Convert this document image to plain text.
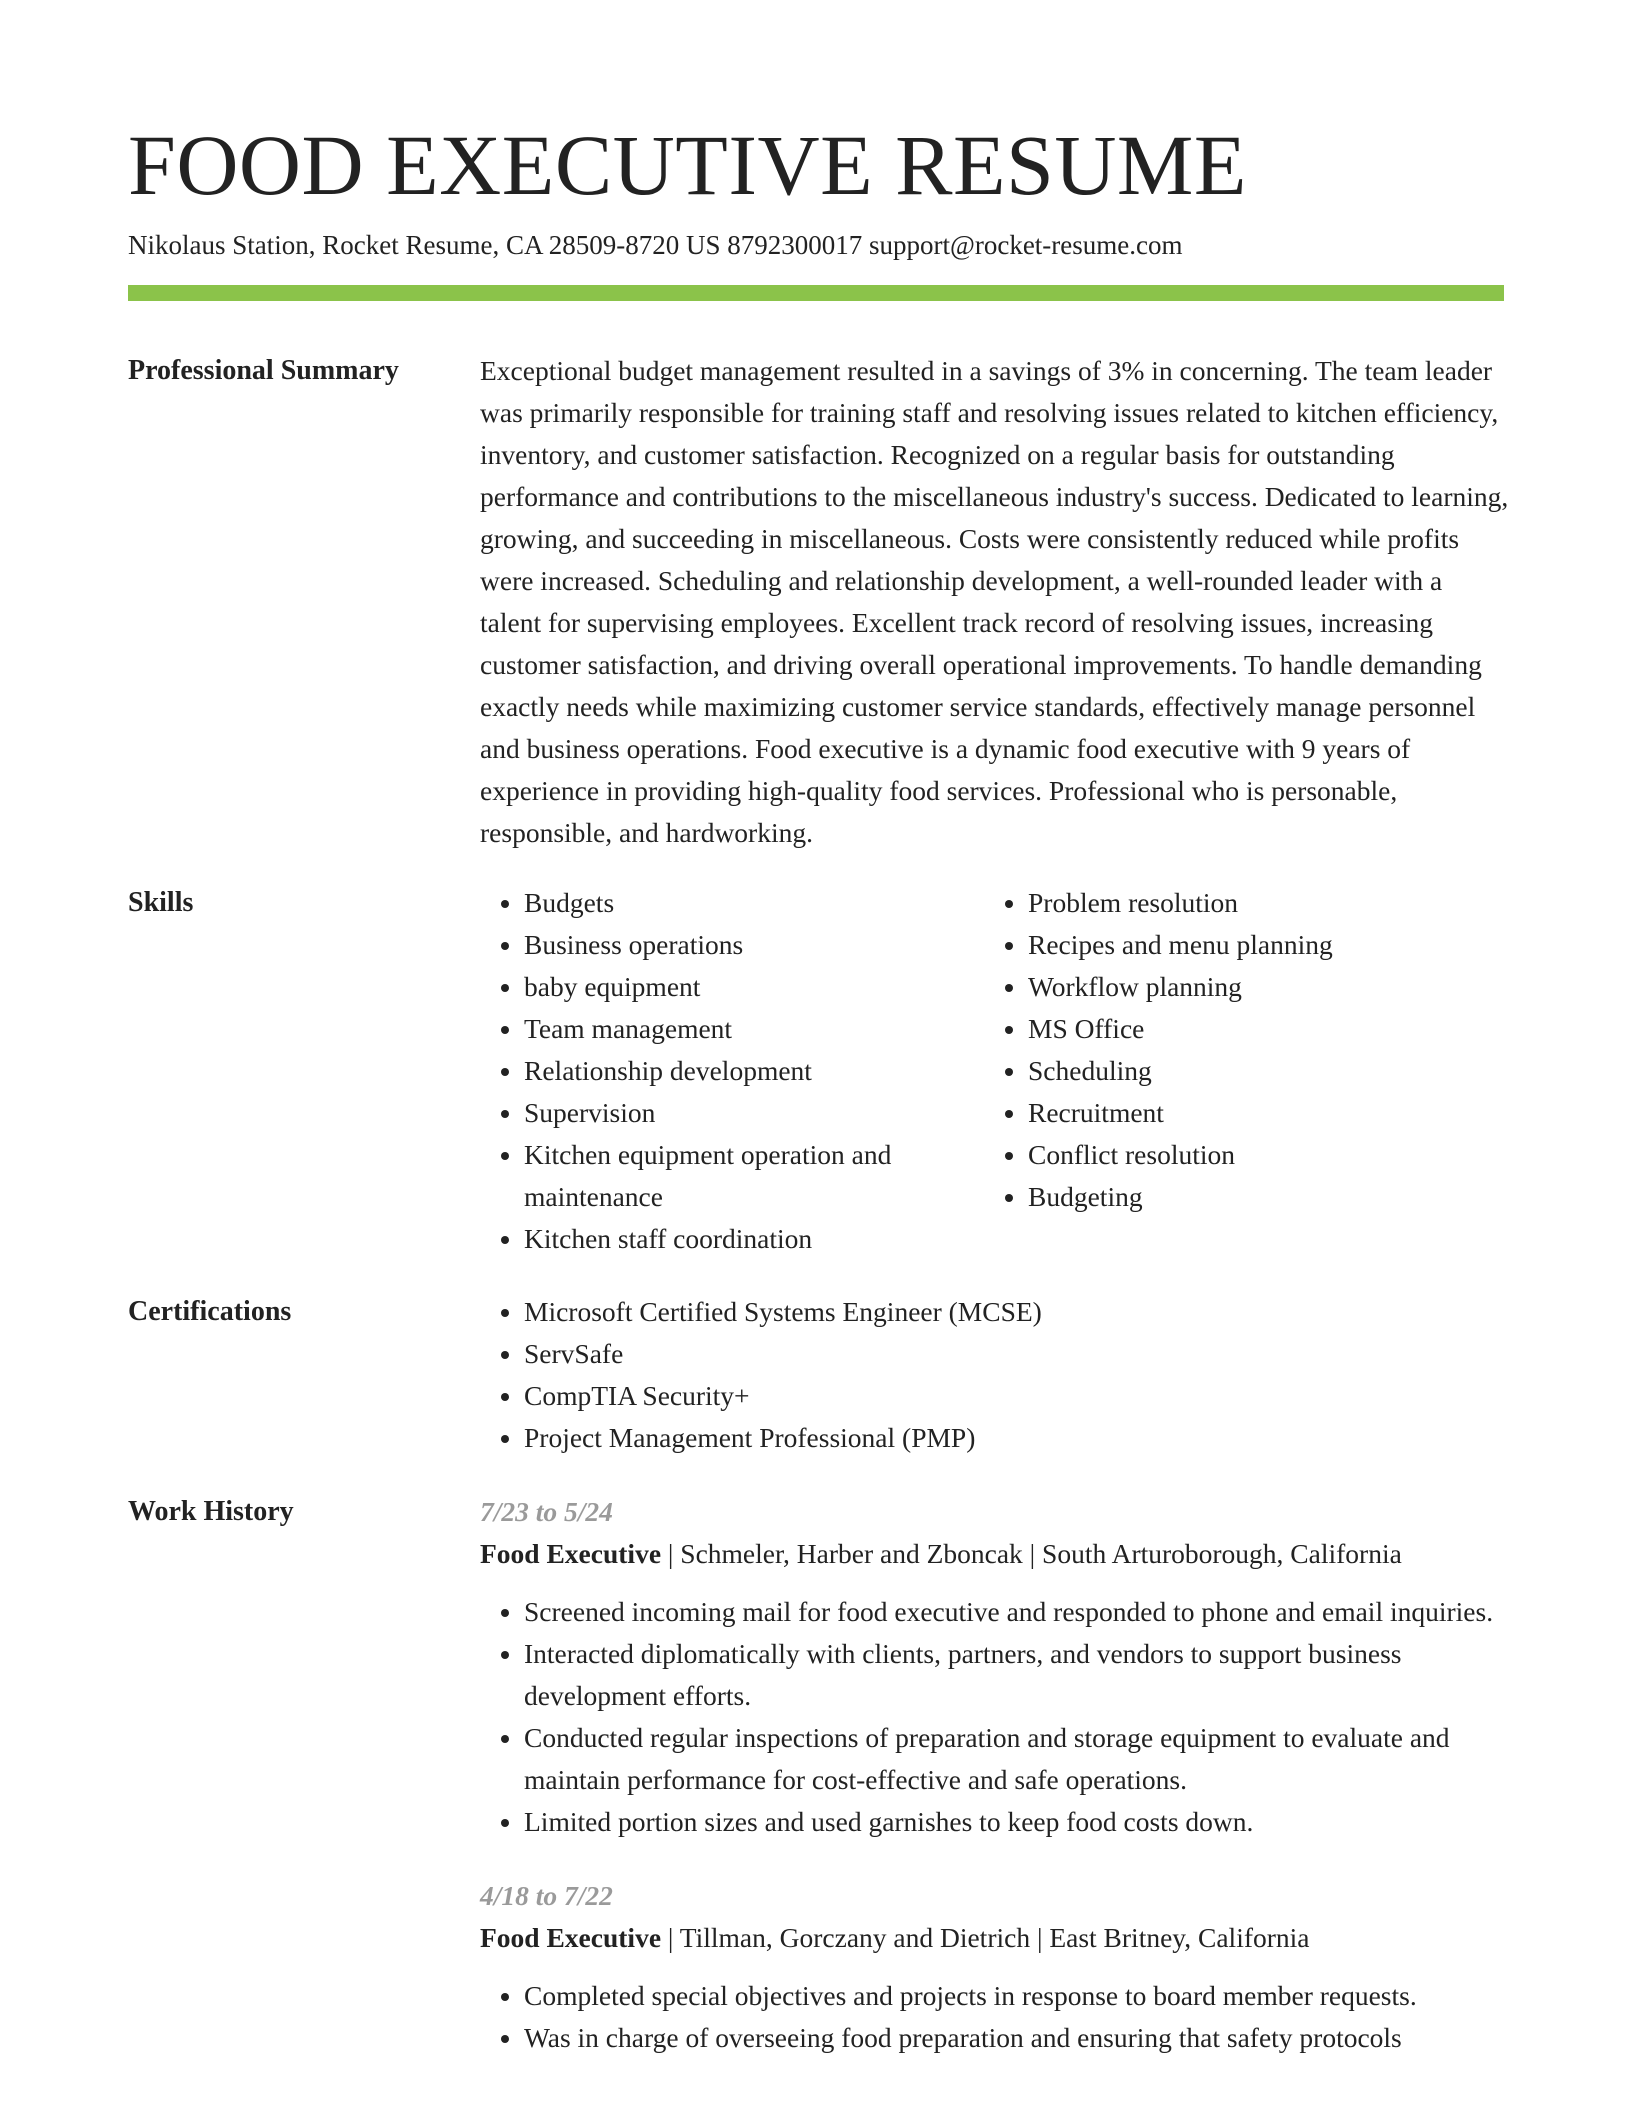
FOOD EXECUTIVE RESUME
Nikolaus Station, Rocket Resume, CA 28509-8720 US 8792300017 support@rocket-resume.com
Professional Summary	Exceptional budget management resulted in a savings of 3% in concerning. The team leader was primarily responsible for training staff and resolving issues related to kitchen efficiency, inventory, and customer satisfaction. Recognized on a regular basis for outstanding performance and contributions to the miscellaneous industry's success. Dedicated to learning, growing, and succeeding in miscellaneous. Costs were consistently reduced while profits were increased. Scheduling and relationship development, a well-rounded leader with a talent for supervising employees. Excellent track record of resolving issues, increasing customer satisfaction, and driving overall operational improvements. To handle demanding exactly needs while maximizing customer service standards, effectively manage personnel and business operations. Food executive is a dynamic food executive with 9 years of experience in providing high-quality food services. Professional who is personable, responsible, and hardworking.

Skills	• Budgets
• Business operations
• baby equipment
• Team management
• Relationship development
• Supervision
• Kitchen equipment operation and maintenance
• Kitchen staff coordination
• Problem resolution
• Recipes and menu planning
• Workflow planning
• MS Office
• Scheduling
• Recruitment
• Conflict resolution
• Budgeting
Certifications	• Microsoft Certified Systems Engineer (MCSE)
• ServSafe
• CompTIA Security+
• Project Management Professional (PMP)
Work History	7/23 to 5/24
Food Executive | Schmeler, Harber and Zboncak | South Arturoborough, California
• Screened incoming mail for food executive and responded to phone and email inquiries.
• Interacted diplomatically with clients, partners, and vendors to support business development efforts.
• Conducted regular inspections of preparation and storage equipment to evaluate and maintain performance for cost-effective and safe operations.
• Limited portion sizes and used garnishes to keep food costs down.
4/18 to 7/22
Food Executive | Tillman, Gorczany and Dietrich | East Britney, California
• Completed special objectives and projects in response to board member requests.
• Was in charge of overseeing food preparation and ensuring that safety protocols
